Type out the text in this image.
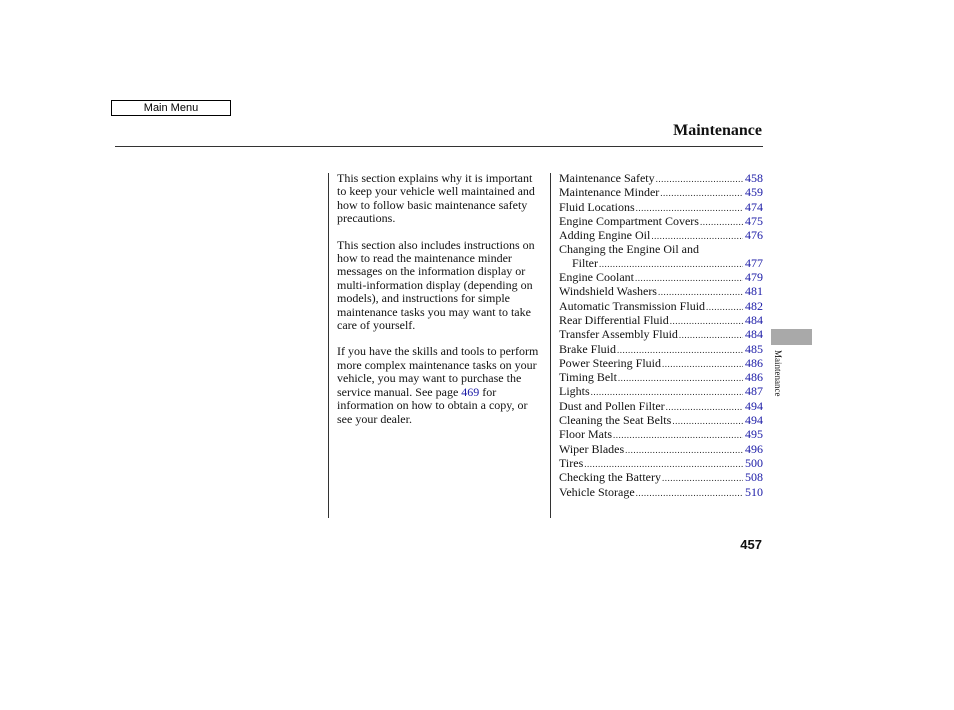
Main Menu
Maintenance

This section explains why it is important to keep your vehicle well maintained and how to follow basic maintenance safety precautions.

This section also includes instructions on how to read the maintenance minder messages on the information display or multi-information display (depending on models), and instructions for simple maintenance tasks you may want to take care of yourself.

If you have the skills and tools to perform more complex maintenance tasks on your vehicle, you may want to purchase the service manual. See page 469 for information on how to obtain a copy, or see your dealer.

Maintenance Safety .....	458
Maintenance Minder .....	459
Fluid Locations .....	474
Engine Compartment Covers .....	475
Adding Engine Oil .....	476
Changing the Engine Oil and
Filter .....	477
Engine Coolant .....	479
Windshield Washers .....	481
Automatic Transmission Fluid .....	482
Rear Differential Fluid .....	484
Transfer Assembly Fluid .....	484
Brake Fluid .....	485
Power Steering Fluid .....	486
Timing Belt .....	486
Lights .....	487
Dust and Pollen Filter .....	494
Cleaning the Seat Belts .....	494
Floor Mats .....	495
Wiper Blades .....	496
Tires .....	500
Checking the Battery .....	508
Vehicle Storage .....	510
Maintenance
457
